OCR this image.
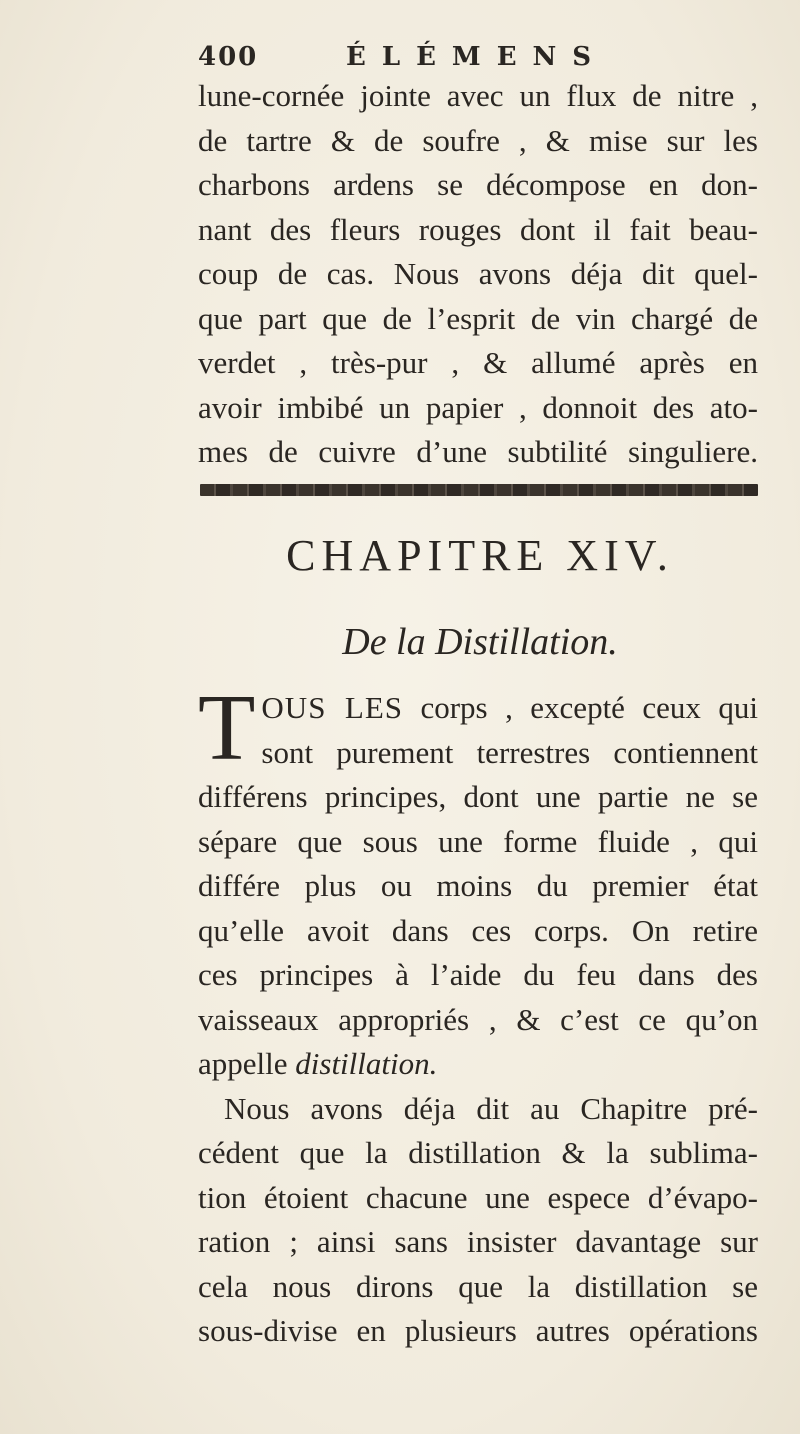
400	ÉLÉMENS
lune-cornée jointe avec un flux de nitre ,
de tartre & de soufre , & mise sur les
charbons ardens se décompose en don-
nant des fleurs rouges dont il fait beau-
coup de cas. Nous avons déja dit quel-
que part que de l’esprit de vin chargé de
verdet , très-pur , & allumé après en
avoir imbibé un papier , donnoit des ato-
mes de cuivre d’une subtilité singuliere.
CHAPITRE XIV.
De la Distillation.
T OUS LES corps , excepté ceux qui
sont purement terrestres contiennent
différens principes, dont une partie ne se
sépare que sous une forme fluide , qui
différe plus ou moins du premier état
qu’elle avoit dans ces corps. On retire
ces principes à l’aide du feu dans des
vaisseaux appropriés , & c’est ce qu’on
appelle distillation.
Nous avons déja dit au Chapitre pré-
cédent que la distillation & la sublima-
tion étoient chacune une espece d’évapo-
ration ; ainsi sans insister davantage sur
cela nous dirons que la distillation se
sous-divise en plusieurs autres opérations
